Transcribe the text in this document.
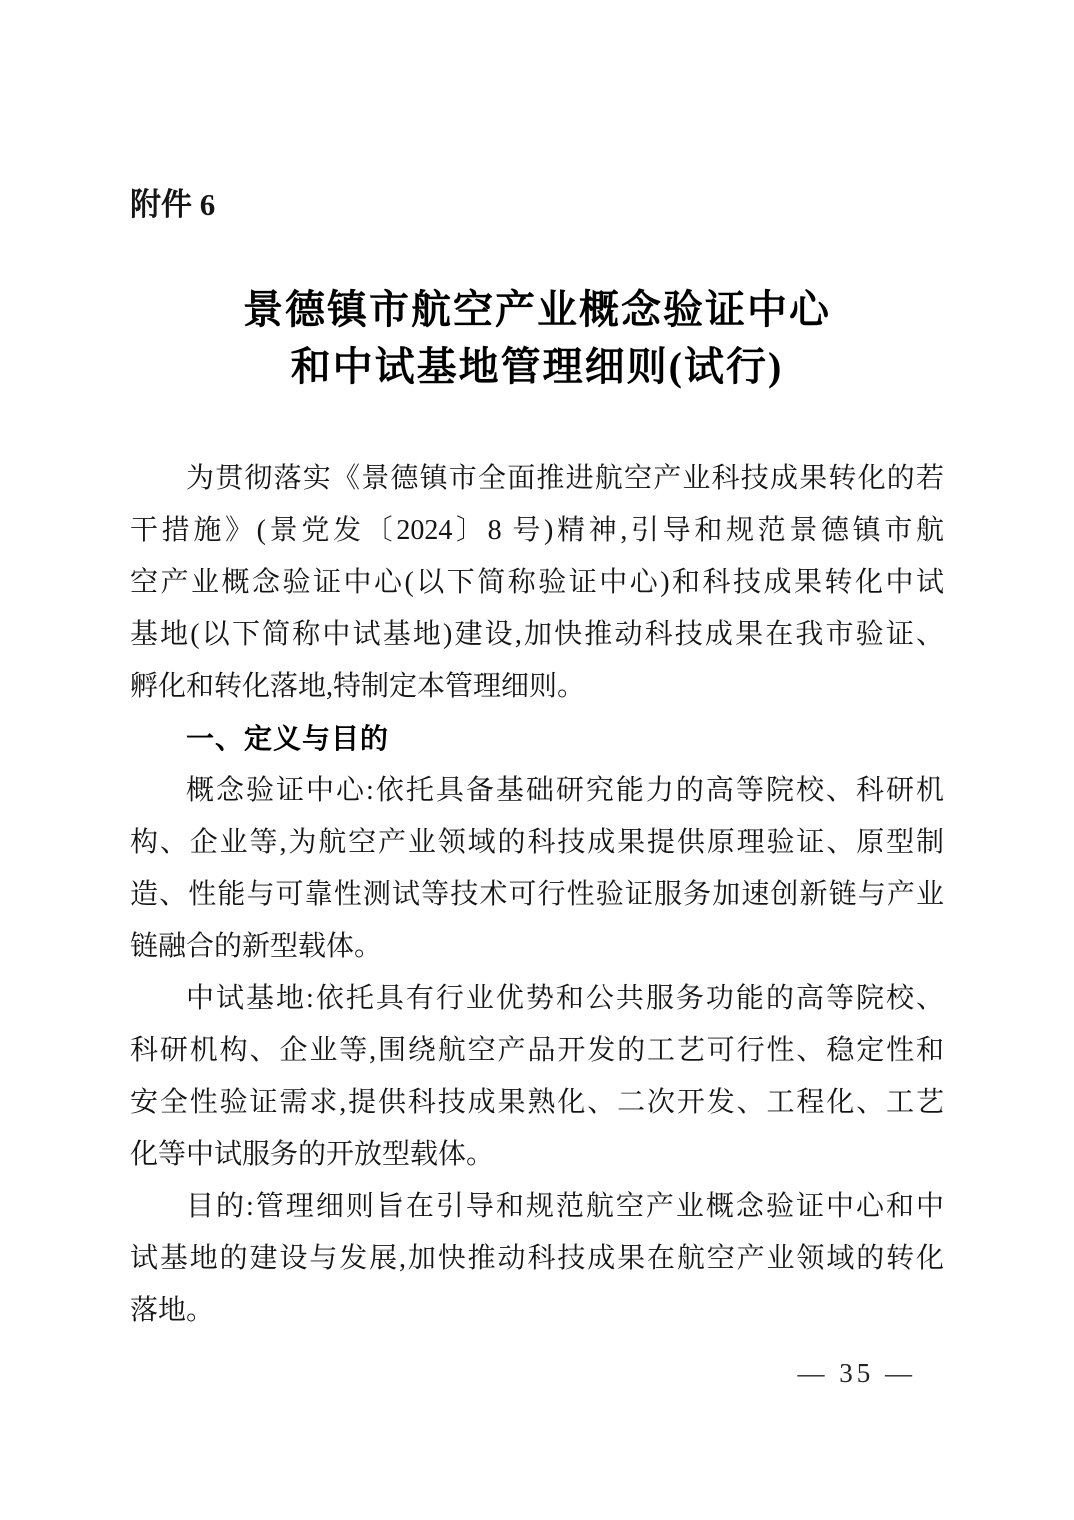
附件 6
景德镇市航空产业概念验证中心
和中试基地管理细则(试行)
为贯彻落实《景德镇市全面推进航空产业科技成果转化的若
干措施》(景党发〔2024〕8 号)精神,引导和规范景德镇市航
空产业概念验证中心(以下简称验证中心)和科技成果转化中试
基地(以下简称中试基地)建设,加快推动科技成果在我市验证、
孵化和转化落地,特制定本管理细则。
一、定义与目的
概念验证中心:依托具备基础研究能力的高等院校、科研机
构、企业等,为航空产业领域的科技成果提供原理验证、原型制
造、性能与可靠性测试等技术可行性验证服务加速创新链与产业
链融合的新型载体。
中试基地:依托具有行业优势和公共服务功能的高等院校、
科研机构、企业等,围绕航空产品开发的工艺可行性、稳定性和
安全性验证需求,提供科技成果熟化、二次开发、工程化、工艺
化等中试服务的开放型载体。
目的:管理细则旨在引导和规范航空产业概念验证中心和中
试基地的建设与发展,加快推动科技成果在航空产业领域的转化
落地。
— 35 —
